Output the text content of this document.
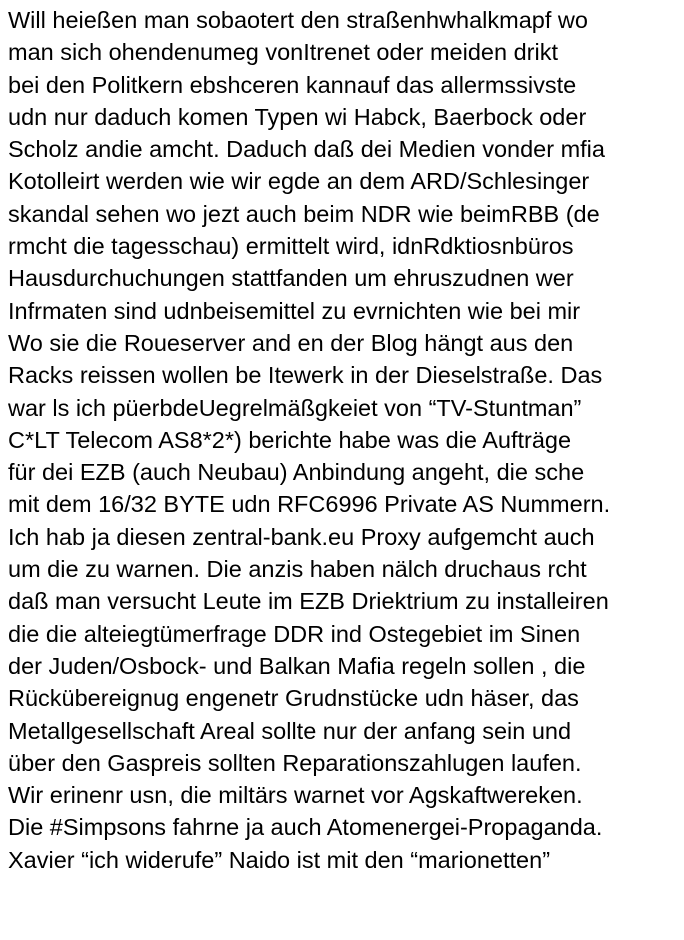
Will heießen man sobaotert den straßenhwhalkmapf wo
man sich ohendenumeg vonItrenet oder meiden drikt
bei den Politkern ebshceren kannauf das allermssivste
udn nur daduch komen Typen wi Habck, Baerbock oder
Scholz andie amcht. Daduch daß dei Medien vonder mfia
Kotolleirt werden wie wir egde an dem ARD/Schlesinger
skandal sehen wo jezt auch beim NDR wie beimRBB (de
rmcht die tagesschau) ermittelt wird, idnRdktiosnbüros
Hausdurchuchungen stattfanden um ehruszudnen wer
Infrmaten sind udnbeisemittel zu evrnichten wie bei mir
Wo sie die Roueserver and en der Blog hängt aus den
Racks reissen wollen be Itewerk in der Dieselstraße. Das
war ls ich püerbdeUegrelmäßgkeiet von “TV-Stuntman”
C*LT Telecom AS8*2*) berichte habe was die Aufträge
für dei EZB (auch Neubau) Anbindung angeht, die sche
mit dem 16/32 BYTE udn RFC6996 Private AS Nummern.
Ich hab ja diesen zentral-bank.eu Proxy aufgemcht auch
um die zu warnen. Die anzis haben nälch druchaus rcht
daß man versucht Leute im EZB Driektrium zu installeiren
die die alteiegtümerfrage DDR ind Ostegebiet im Sinen
der Juden/Osbock- und Balkan Mafia regeln sollen , die
Rückübereignug engenetr Grudnstücke udn häser, das
Metallgesellschaft Areal sollte nur der anfang sein und
über den Gaspreis sollten Reparationszahlugen laufen.
Wir erinenr usn, die miltärs warnet vor Agskaftwereken.
Die #Simpsons fahrne ja auch Atomenergei-Propaganda.
Xavier “ich widerufe” Naido ist mit den “marionetten”
